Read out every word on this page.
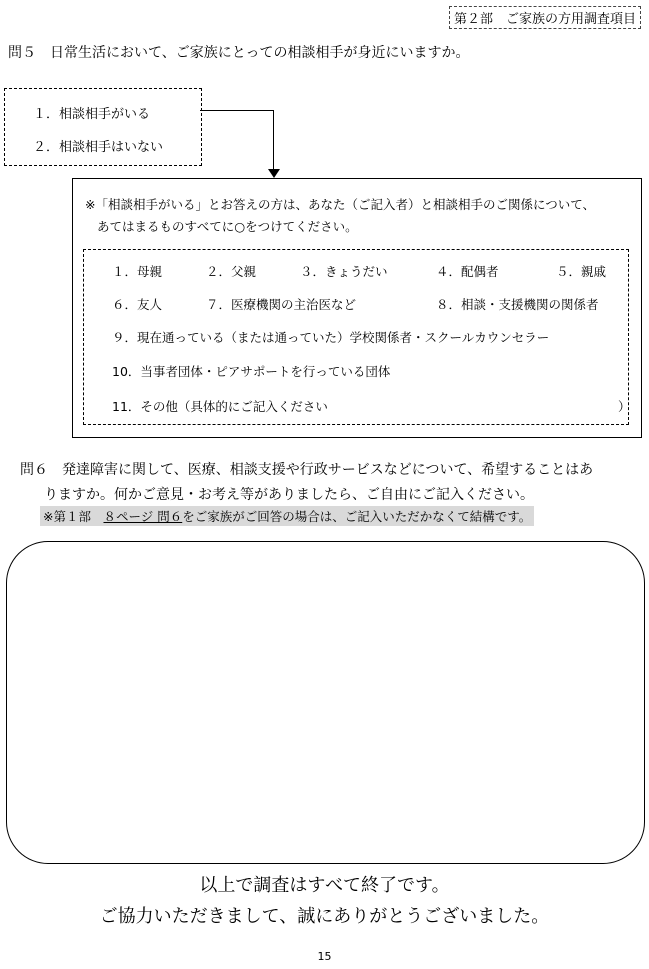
第２部　ご家族の方用調査項目
問５　日常生活において、ご家族にとっての相談相手が身近にいますか。
１．相談相手がいる
２．相談相手はいない
※「相談相手がいる」とお答えの方は、あなた（ご記入者）と相談相手のご関係について、
あてはまるものすべてに○をつけてください。
１．母親	２．父親	３．きょうだい	４．配偶者	５．親戚
６．友人	７．医療機関の主治医など	８．相談・支援機関の関係者
９．現在通っている（または通っていた）学校関係者・スクールカウンセラー
10．当事者団体・ピアサポートを行っている団体
11．その他（具体的にご記入ください	）
問６　発達障害に関して、医療、相談支援や行政サービスなどについて、希望することはあ
りますか。何かご意見・お考え等がありましたら、ご自由にご記入ください。
※第１部　８ページ 問６をご家族がご回答の場合は、ご記入いただかなくて結構です。
以上で調査はすべて終了です。
ご協力いただきまして、誠にありがとうございました。
15
